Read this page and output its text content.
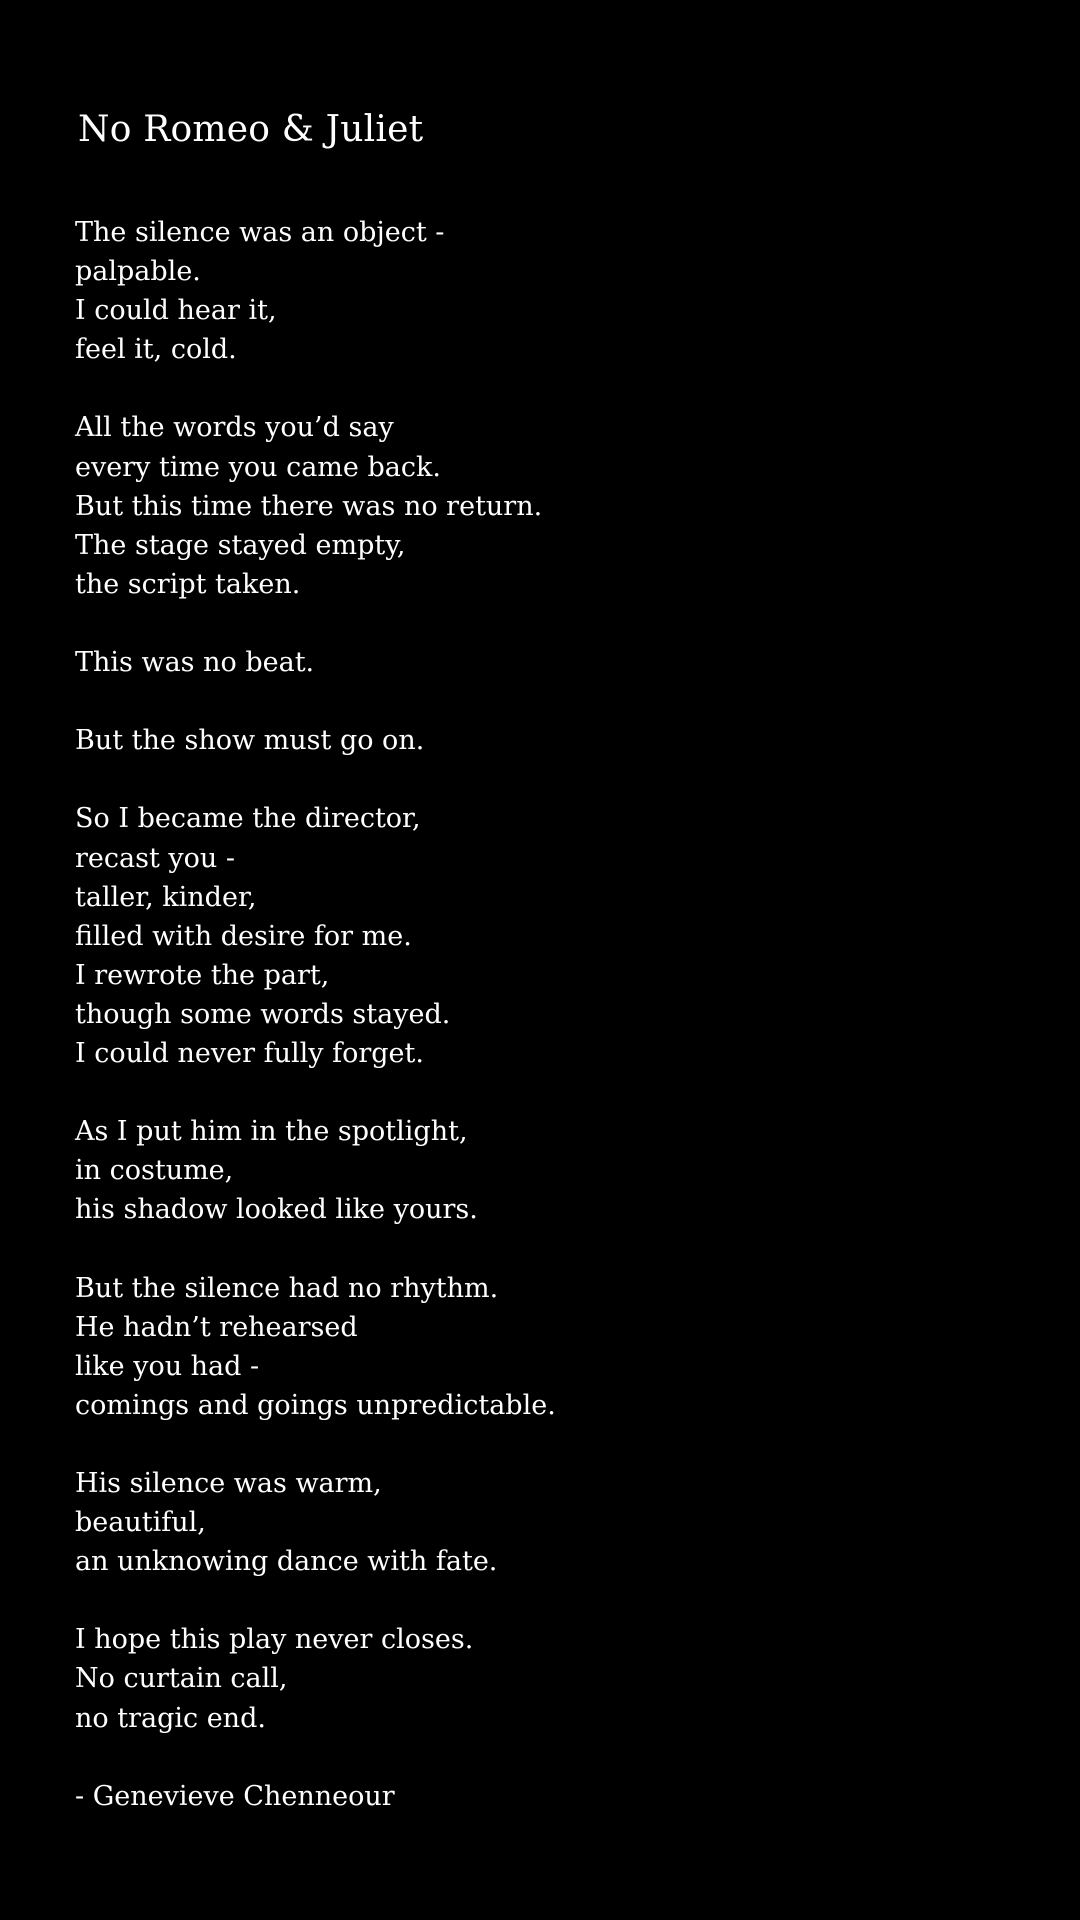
No Romeo & Juliet
The silence was an object -
palpable.
I could hear it,
feel it, cold.
All the words you’d say
every time you came back.
But this time there was no return.
The stage stayed empty,
the script taken.
This was no beat.
But the show must go on.
So I became the director,
recast you -
taller, kinder,
filled with desire for me.
I rewrote the part,
though some words stayed.
I could never fully forget.
As I put him in the spotlight,
in costume,
his shadow looked like yours.
But the silence had no rhythm.
He hadn’t rehearsed
like you had -
comings and goings unpredictable.
His silence was warm,
beautiful,
an unknowing dance with fate.
I hope this play never closes.
No curtain call,
no tragic end.
- Genevieve Chenneour
